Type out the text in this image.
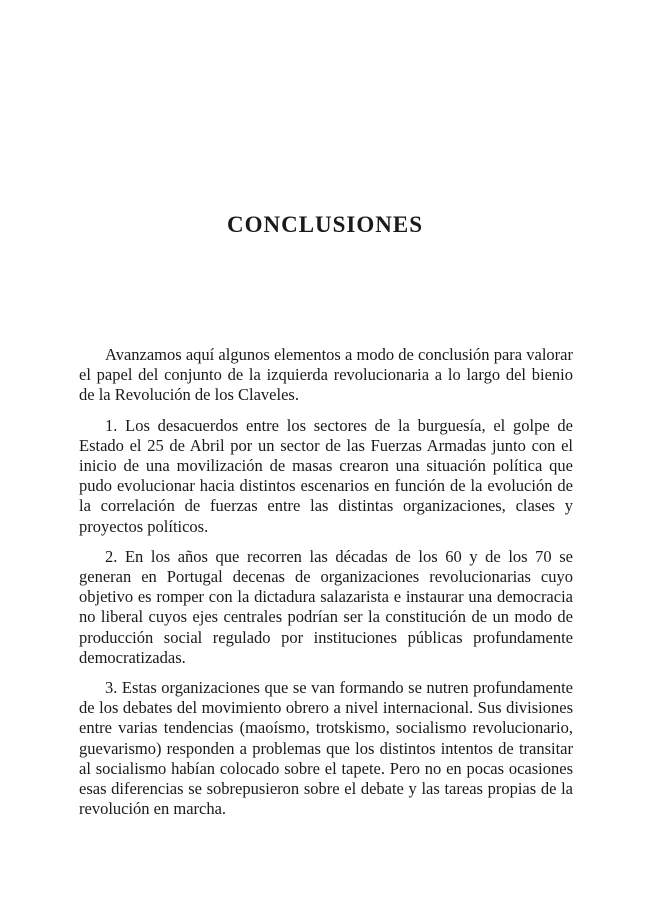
CONCLUSIONES

Avanzamos aquí algunos elementos a modo de conclusión para valorar el papel del conjunto de la izquierda revolucionaria a lo largo del bienio de la Revolución de los Claveles.

1. Los desacuerdos entre los sectores de la burguesía, el golpe de Estado el 25 de Abril por un sector de las Fuerzas Armadas junto con el inicio de una movilización de masas crearon una situación política que pudo evolucionar hacia distintos escenarios en función de la evolución de la correlación de fuerzas entre las distintas organizaciones, clases y proyectos políticos.

2. En los años que recorren las décadas de los 60 y de los 70 se generan en Portugal decenas de organizaciones revolucionarias cuyo objetivo es romper con la dictadura salazarista e instaurar una democracia no liberal cuyos ejes centrales podrían ser la constitución de un modo de producción social regulado por instituciones públicas profundamente democratizadas.

3. Estas organizaciones que se van formando se nutren profundamente de los debates del movimiento obrero a nivel internacional. Sus divisiones entre varias tendencias (maoísmo, trotskismo, socialismo revolucionario, guevarismo) responden a problemas que los distintos intentos de transitar al socialismo habían colocado sobre el tapete. Pero no en pocas ocasiones esas diferencias se sobrepusieron sobre el debate y las tareas propias de la revolución en marcha.
